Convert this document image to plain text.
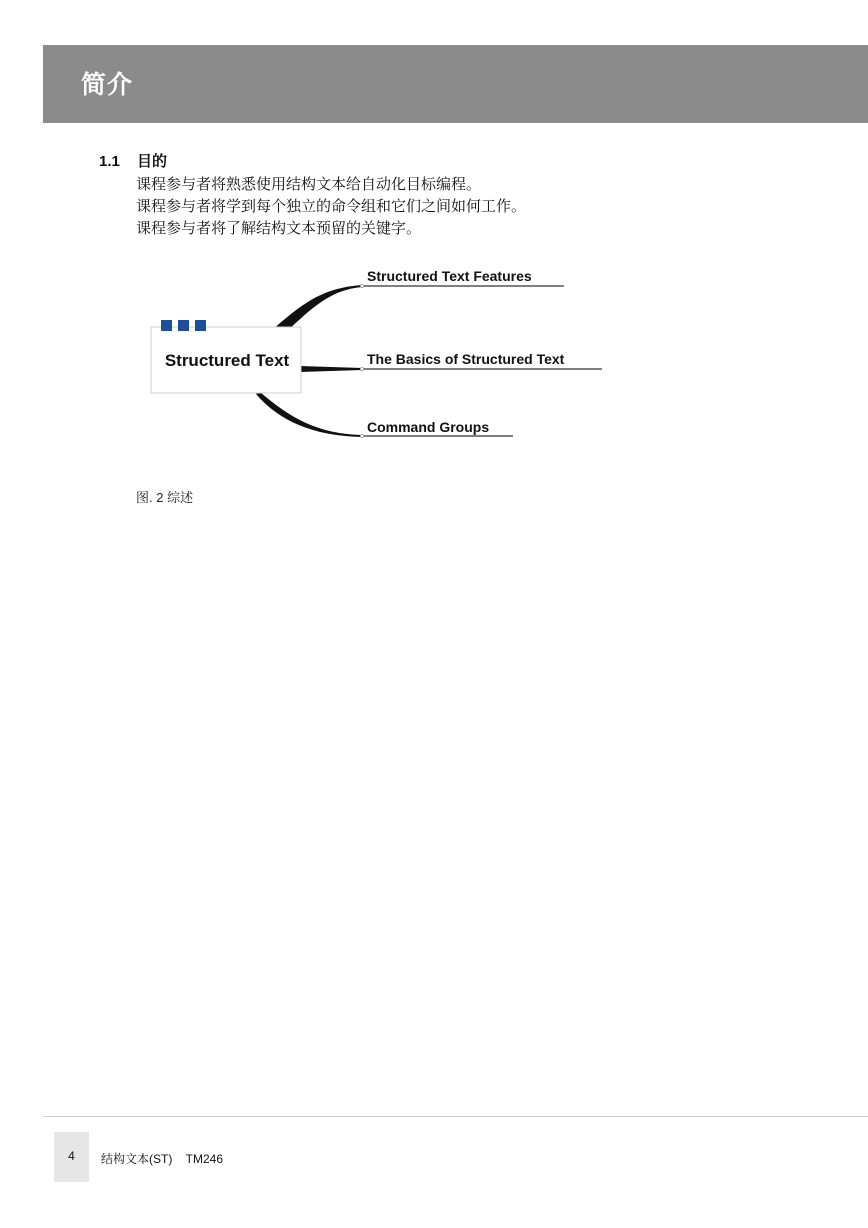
简介
1.1 目的
课程参与者将熟悉使用结构文本给自动化目标编程。
课程参与者将学到每个独立的命令组和它们之间如何工作。
课程参与者将了解结构文本预留的关键字。
Structured Text
Structured Text Features
The Basics of Structured Text
Command Groups
图. 2 综述
4	结构文本(ST)    TM246
